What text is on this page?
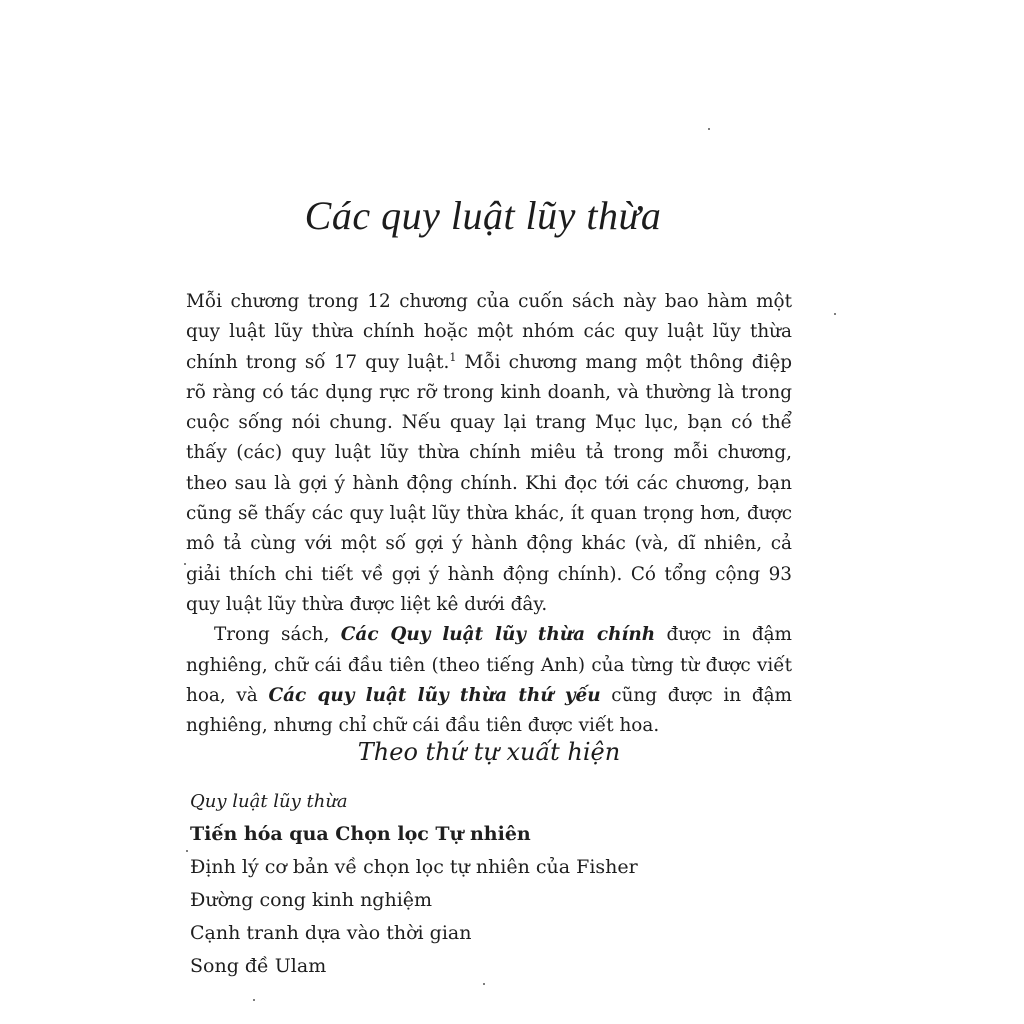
Các quy luật lũy thừa

Mỗi chương trong 12 chương của cuốn sách này bao hàm một quy luật lũy thừa chính hoặc một nhóm các quy luật lũy thừa chính trong số 17 quy luật.$^1$ Mỗi chương mang một thông điệp rõ ràng có tác dụng rực rỡ trong kinh doanh, và thường là trong cuộc sống nói chung. Nếu quay lại trang Mục lục, bạn có thể thấy (các) quy luật lũy thừa chính miêu tả trong mỗi chương, theo sau là gợi ý hành động chính. Khi đọc tới các chương, bạn cũng sẽ thấy các quy luật lũy thừa khác, ít quan trọng hơn, được mô tả cùng với một số gợi ý hành động khác (và, dĩ nhiên, cả giải thích chi tiết về gợi ý hành động chính). Có tổng cộng 93 quy luật lũy thừa được liệt kê dưới đây.

Trong sách, Các Quy luật lũy thừa chính được in đậm nghiêng, chữ cái đầu tiên (theo tiếng Anh) của từng từ được viết hoa, và Các quy luật lũy thừa thứ yếu cũng được in đậm nghiêng, nhưng chỉ chữ cái đầu tiên được viết hoa.

Theo thứ tự xuất hiện
Quy luật lũy thừa
Tiến hóa qua Chọn lọc Tự nhiên
Định lý cơ bản về chọn lọc tự nhiên của Fisher
Đường cong kinh nghiệm
Cạnh tranh dựa vào thời gian
Song đề Ulam
